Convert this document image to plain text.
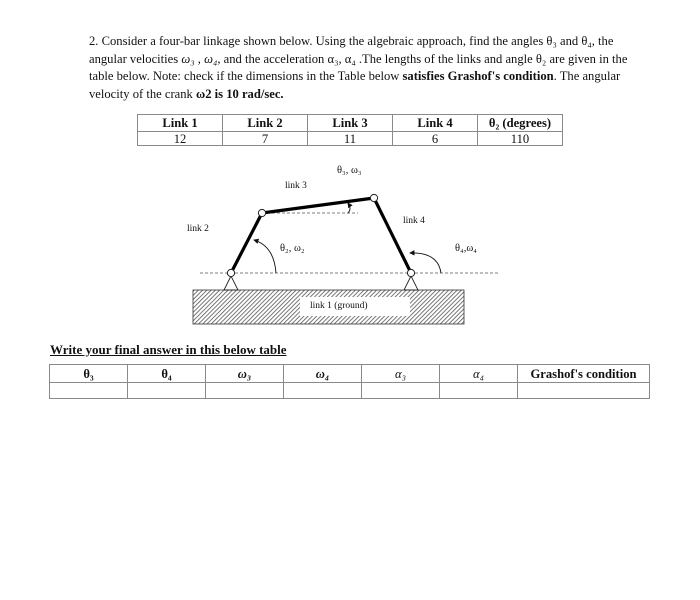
2. Consider a four-bar linkage shown below. Using the algebraic approach, find the angles θ₃ and θ₄, the angular velocities ω₃ , ω₄, and the acceleration α₃, α₄ .The lengths of the links and angle θ₂ are given in the table below. Note: check if the dimensions in the Table below satisfies Grashof's condition. The angular velocity of the crank ω2 is 10 rad/sec.
Link 1	Link 2	Link 3	Link 4	θ₂ (degrees)
12	7	11	6	110
θ₃, ω₃
link 3
link 2
link 4
θ₂, ω₂	θ₄,ω₄
link 1 (ground)
Write your final answer in this below table
θ₃	θ₄	ω₃	ω₄	α₃	α₄	Grashof's condition
